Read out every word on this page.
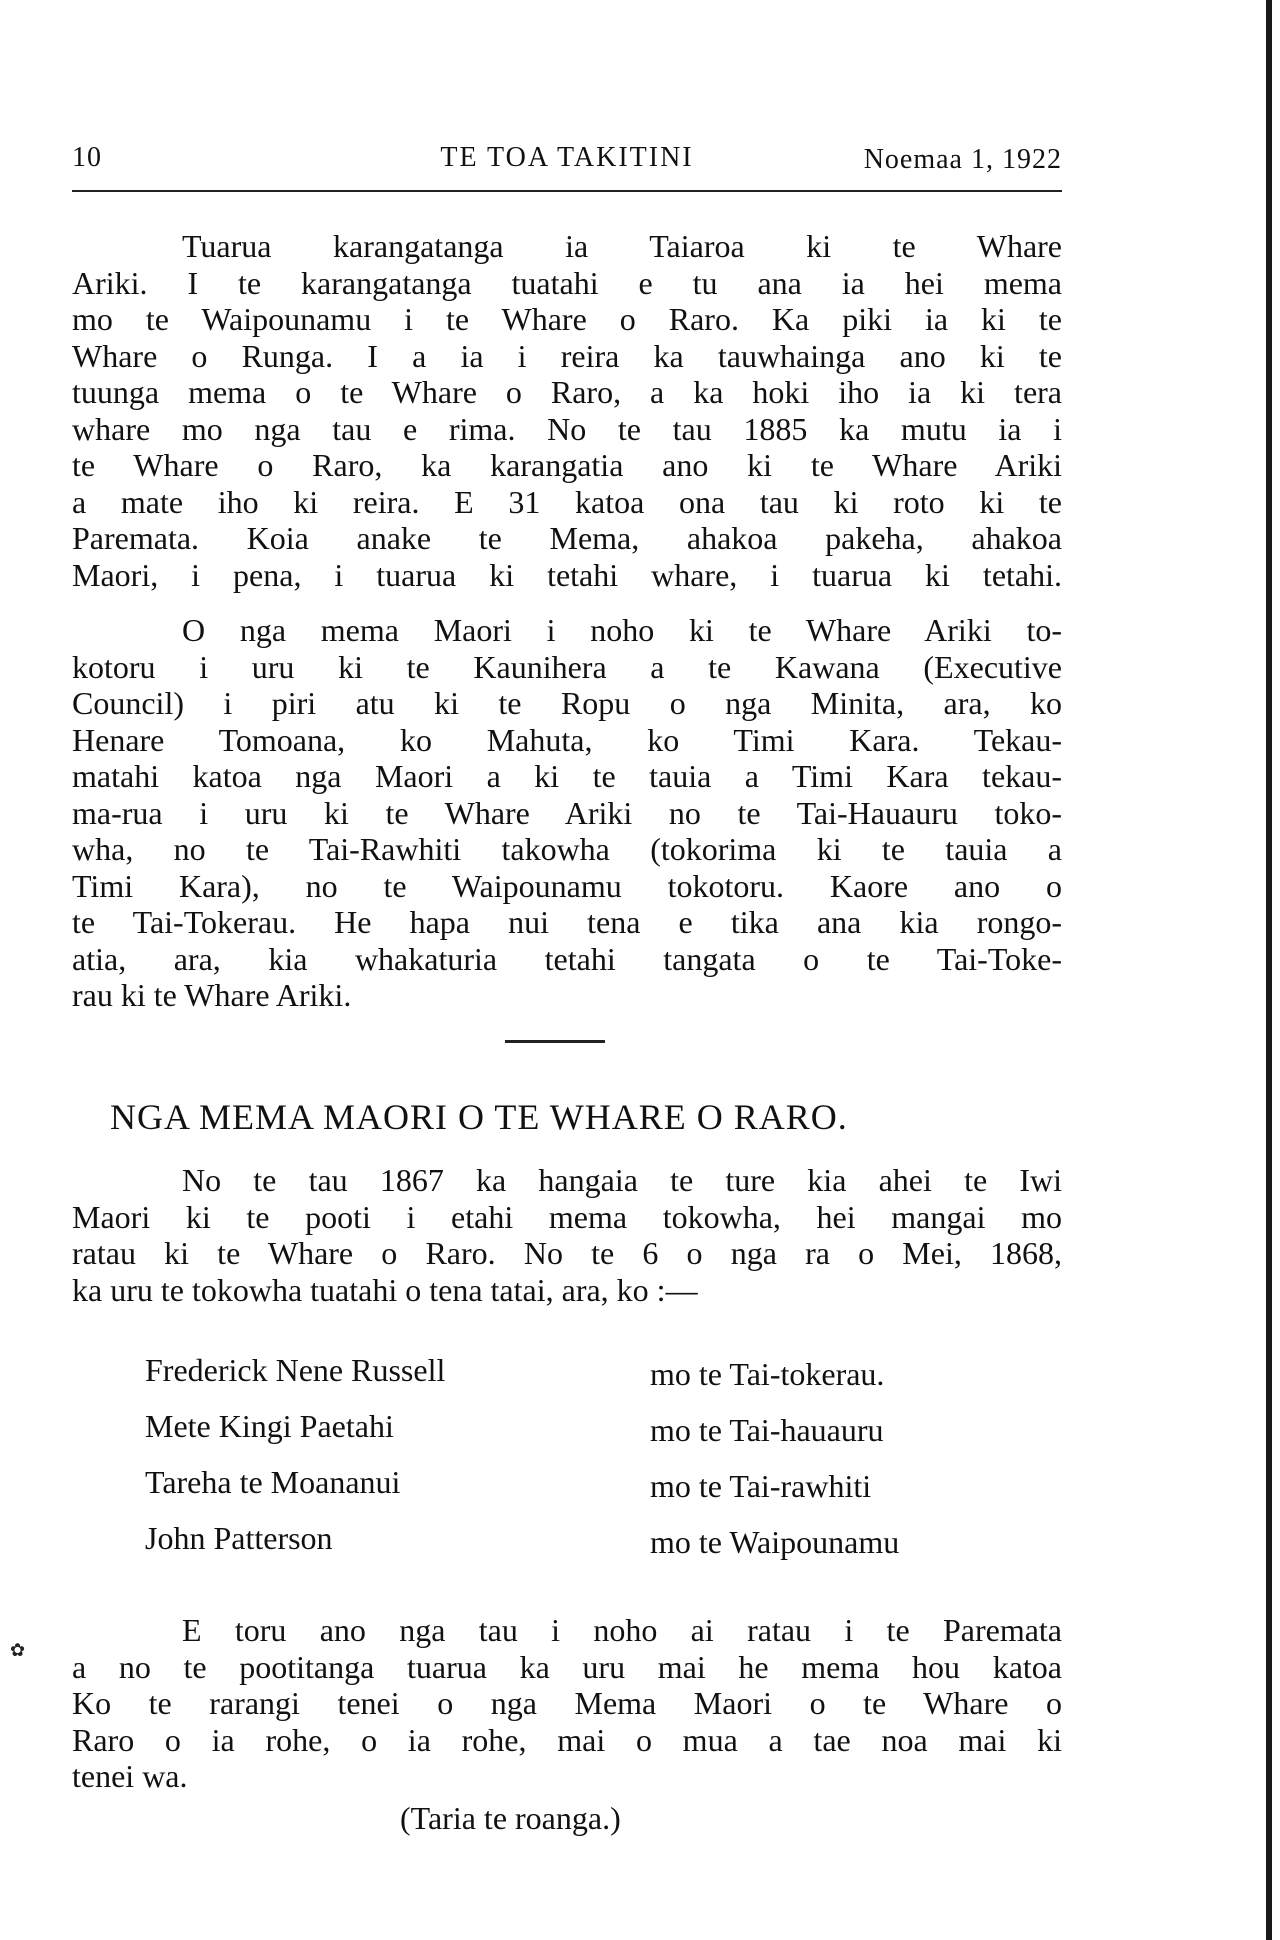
10	TE TOA TAKITINI	Noemaa 1, 1922
Tuarua karangatanga ia Taiaroa ki te Whare
Ariki. I te karangatanga tuatahi e tu ana ia hei mema
mo te Waipounamu i te Whare o Raro. Ka piki ia ki te
Whare o Runga. I a ia i reira ka tauwhainga ano ki te
tuunga mema o te Whare o Raro, a ka hoki iho ia ki tera
whare mo nga tau e rima. No te tau 1885 ka mutu ia i
te Whare o Raro, ka karangatia ano ki te Whare Ariki
a mate iho ki reira. E 31 katoa ona tau ki roto ki te
Paremata. Koia anake te Mema, ahakoa pakeha, ahakoa
Maori, i pena, i tuarua ki tetahi whare, i tuarua ki tetahi.
O nga mema Maori i noho ki te Whare Ariki to-
kotoru i uru ki te Kaunihera a te Kawana (Executive
Council) i piri atu ki te Ropu o nga Minita, ara, ko
Henare Tomoana, ko Mahuta, ko Timi Kara. Tekau-
matahi katoa nga Maori a ki te tauia a Timi Kara tekau-
ma-rua i uru ki te Whare Ariki no te Tai-Hauauru toko-
wha, no te Tai-Rawhiti takowha (tokorima ki te tauia a
Timi Kara), no te Waipounamu tokotoru. Kaore ano o
te Tai-Tokerau. He hapa nui tena e tika ana kia rongo-
atia, ara, kia whakaturia tetahi tangata o te Tai-Toke-
rau ki te Whare Ariki.
NGA MEMA MAORI O TE WHARE O RARO.
No te tau 1867 ka hangaia te ture kia ahei te Iwi
Maori ki te pooti i etahi mema tokowha, hei mangai mo
ratau ki te Whare o Raro. No te 6 o nga ra o Mei, 1868,
ka uru te tokowha tuatahi o tena tatai, ara, ko :—
Frederick Nene Russell	mo te Tai-tokerau.
Mete Kingi Paetahi	mo te Tai-hauauru
Tareha te Moananui	mo te Tai-rawhiti
John Patterson	mo te Waipounamu
✿
E toru ano nga tau i noho ai ratau i te Paremata
a no te pootitanga tuarua ka uru mai he mema hou katoa
Ko te rarangi tenei o nga Mema Maori o te Whare o
Raro o ia rohe, o ia rohe, mai o mua a tae noa mai ki
tenei wa.
(Taria te roanga.)
